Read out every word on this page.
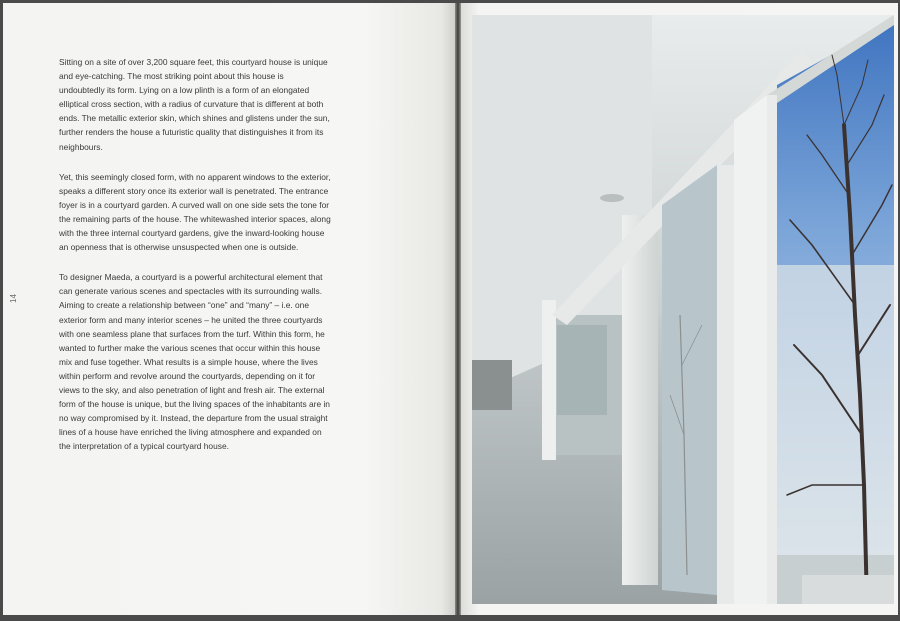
Sitting on a site of over 3,200 square feet, this courtyard house is unique and eye-catching. The most striking point about this house is undoubtedly its form. Lying on a low plinth is a form of an elongated elliptical cross section, with a radius of curvature that is different at both ends. The metallic exterior skin, which shines and glistens under the sun, further renders the house a futuristic quality that distinguishes it from its neighbours.

Yet, this seemingly closed form, with no apparent windows to the exterior, speaks a different story once its exterior wall is penetrated. The entrance foyer is in a courtyard garden. A curved wall on one side sets the tone for the remaining parts of the house. The whitewashed interior spaces, along with the three internal courtyard gardens, give the inward-looking house an openness that is otherwise unsuspected when one is outside.

To designer Maeda, a courtyard is a powerful architectural element that can generate various scenes and spectacles with its surrounding walls. Aiming to create a relationship between “one” and “many” – i.e. one exterior form and many interior scenes – he united the three courtyards with one seamless plane that surfaces from the turf. Within this form, he wanted to further make the various scenes that occur within this house mix and fuse together. What results is a simple house, where the lives within perform and revolve around the courtyards, depending on it for views to the sky, and also penetration of light and fresh air. The external form of the house is unique, but the living spaces of the inhabitants are in no way compromised by it. Instead, the departure from the usual straight lines of a house have enriched the living atmosphere and expanded on the interpretation of a typical courtyard house.

14
